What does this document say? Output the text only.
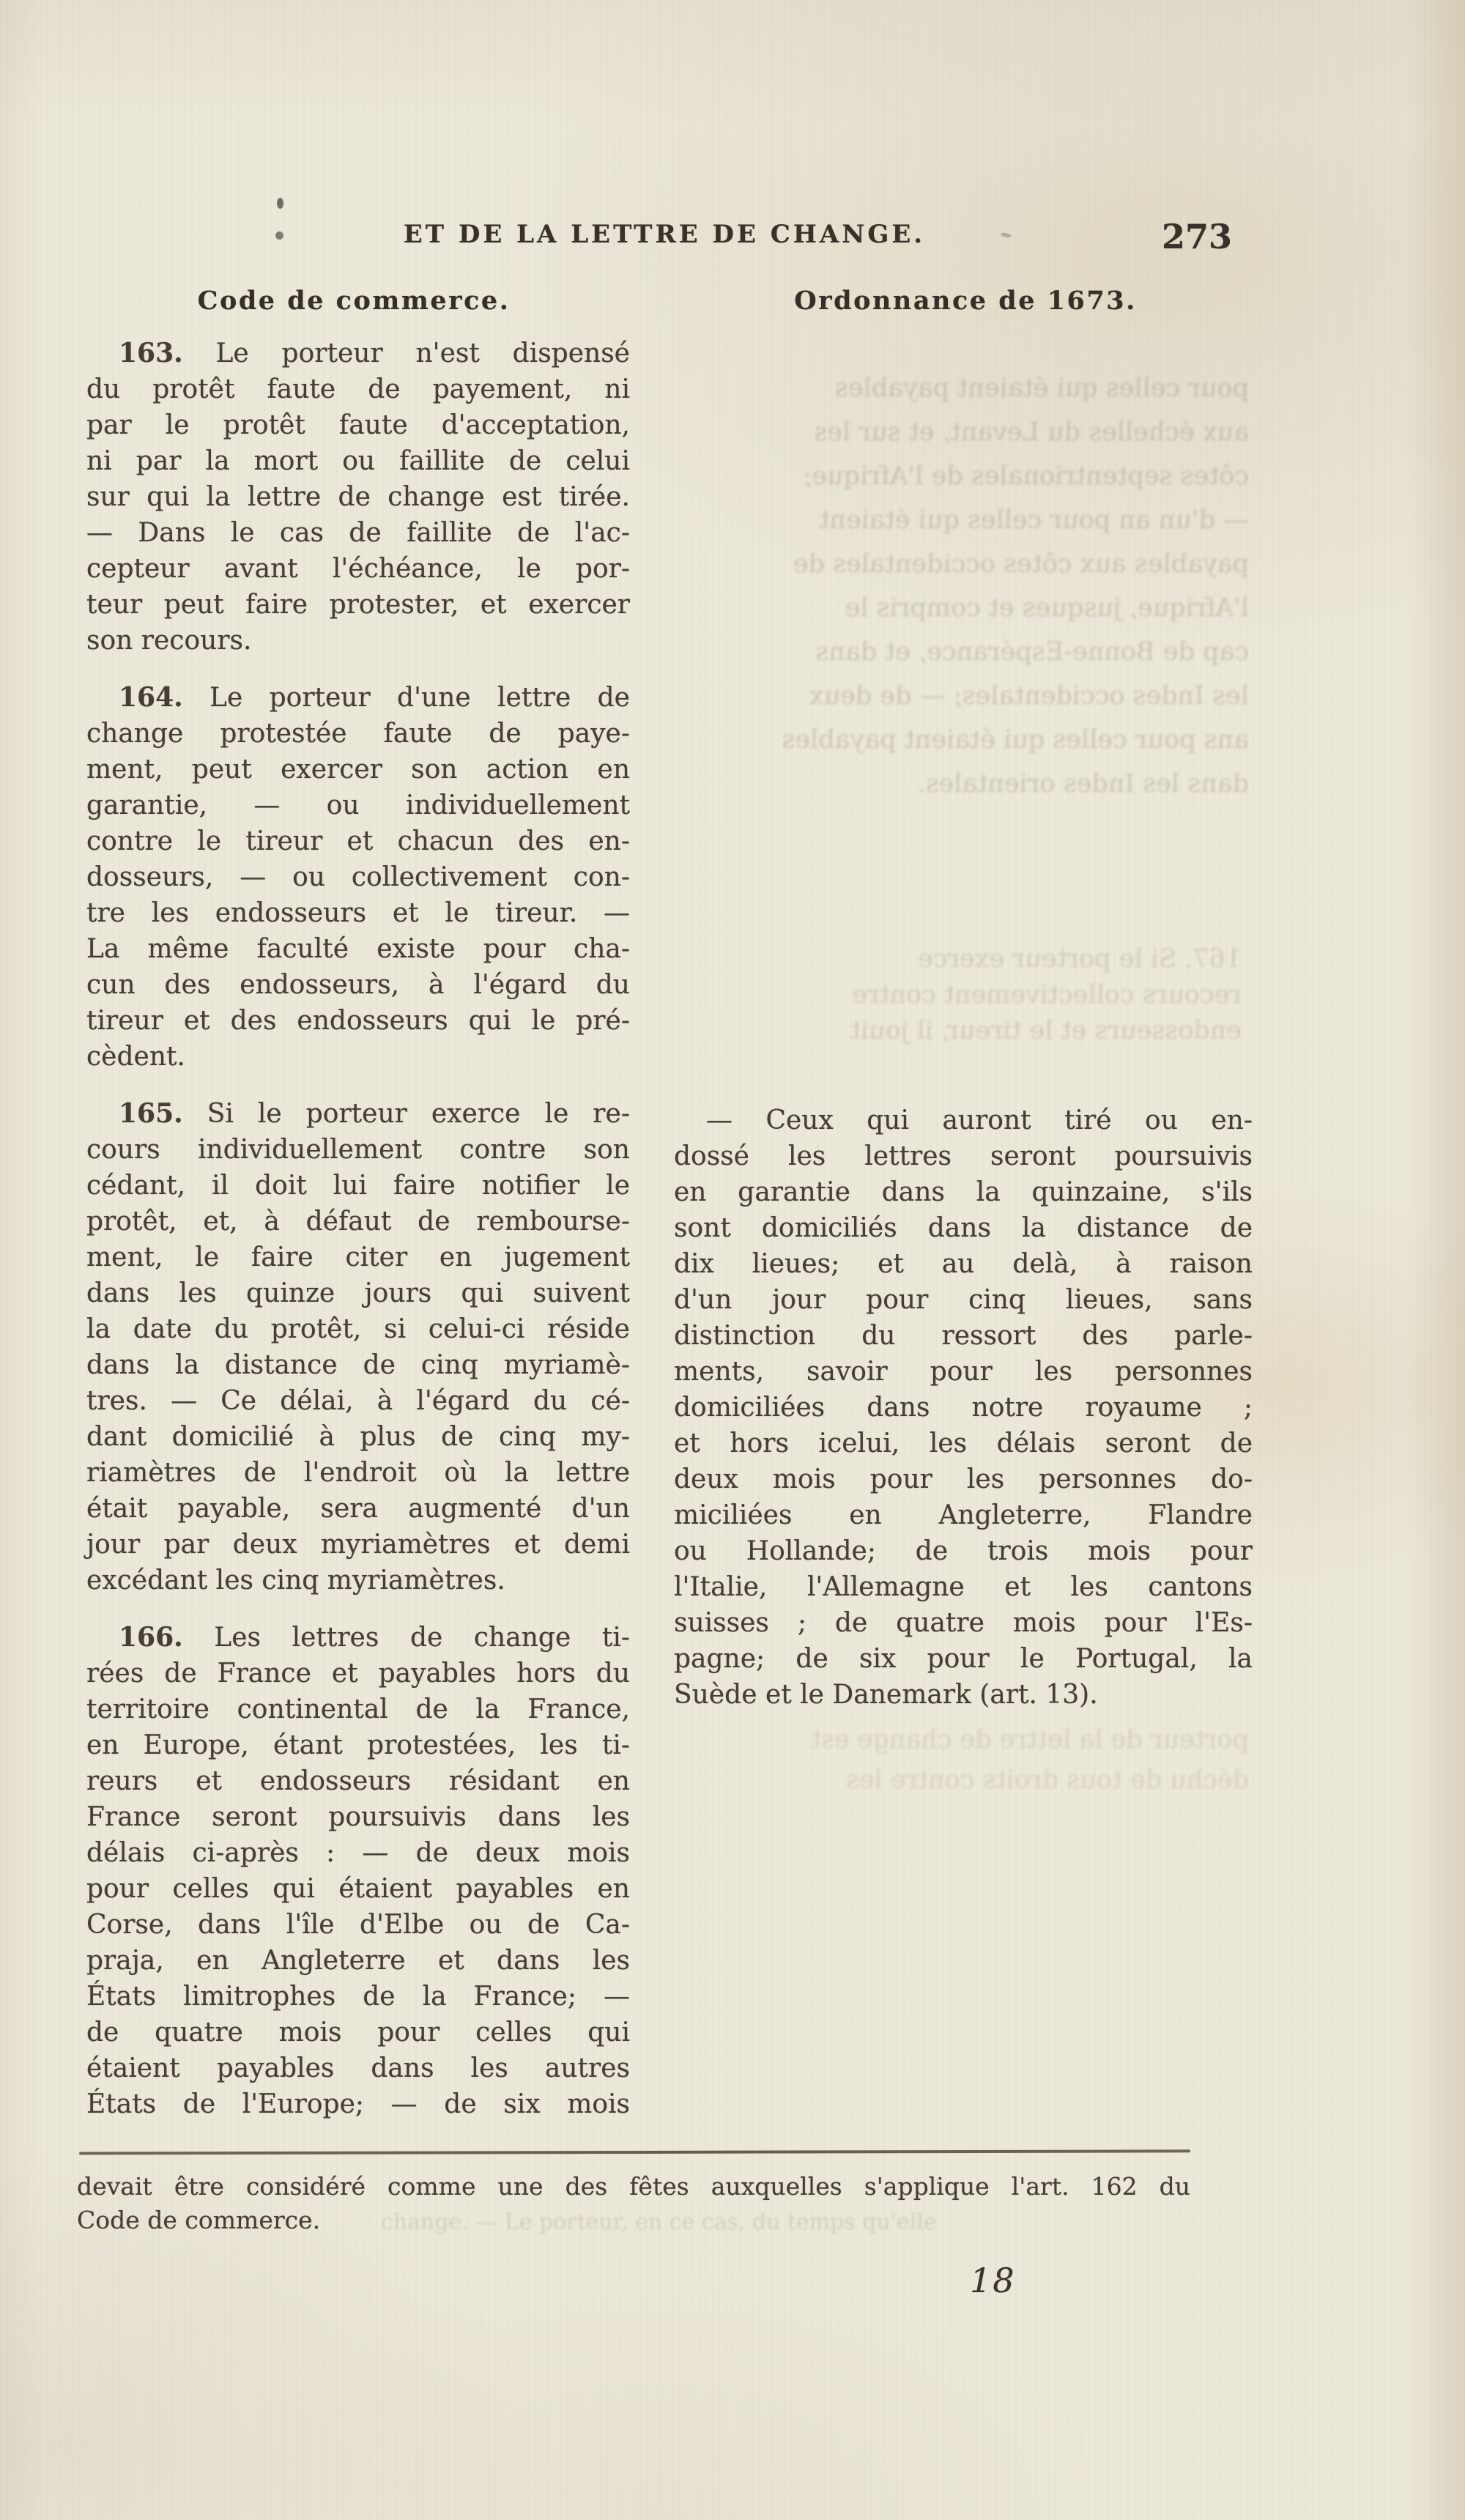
ET DE LA LETTRE DE CHANGE.	273
Code de commerce.	Ordonnance de 1673.
pour celles qui étaient payables
aux échelles du Levant, et sur les
côtes septentrionales de l'Afrique;
— d'un an pour celles qui étaient
payables aux côtes occidentales de
l'Afrique, jusques et compris le
cap de Bonne-Espérance, et dans
les Indes occidentales; — de deux
ans pour celles qui étaient payables
dans les Indes orientales.
167. Si le porteur exerce
recours collectivement contre
endosseurs et le tireur, il jouit
porteur de la lettre de change est
déchu de tous droits contre les
change. — Le porteur, en ce cas, du temps qu'elle
163. Le porteur n'est dispensé
du protêt faute de payement, ni
par le protêt faute d'acceptation,
ni par la mort ou faillite de celui
sur qui la lettre de change est tirée.
— Dans le cas de faillite de l'ac-
cepteur avant l'échéance, le por-
teur peut faire protester, et exercer
son recours.
164. Le porteur d'une lettre de
change protestée faute de paye-
ment, peut exercer son action en
garantie, — ou individuellement
contre le tireur et chacun des en-
dosseurs, — ou collectivement con-
tre les endosseurs et le tireur. —
La même faculté existe pour cha-
cun des endosseurs, à l'égard du
tireur et des endosseurs qui le pré-
cèdent.
165. Si le porteur exerce le re-
cours individuellement contre son
cédant, il doit lui faire notifier le
protêt, et, à défaut de rembourse-
ment, le faire citer en jugement
dans les quinze jours qui suivent
la date du protêt, si celui-ci réside
dans la distance de cinq myriamè-
tres. — Ce délai, à l'égard du cé-
dant domicilié à plus de cinq my-
riamètres de l'endroit où la lettre
était payable, sera augmenté d'un
jour par deux myriamètres et demi
excédant les cinq myriamètres.
166. Les lettres de change ti-
rées de France et payables hors du
territoire continental de la France,
en Europe, étant protestées, les ti-
reurs et endosseurs résidant en
France seront poursuivis dans les
délais ci-après : — de deux mois
pour celles qui étaient payables en
Corse, dans l'île d'Elbe ou de Ca-
praja, en Angleterre et dans les
États limitrophes de la France; —
de quatre mois pour celles qui
étaient payables dans les autres
États de l'Europe; — de six mois
— Ceux qui auront tiré ou en-
dossé les lettres seront poursuivis
en garantie dans la quinzaine, s'ils
sont domiciliés dans la distance de
dix lieues; et au delà, à raison
d'un jour pour cinq lieues, sans
distinction du ressort des parle-
ments, savoir pour les personnes
domiciliées dans notre royaume ;
et hors icelui, les délais seront de
deux mois pour les personnes do-
miciliées en Angleterre, Flandre
ou Hollande; de trois mois pour
l'Italie, l'Allemagne et les cantons
suisses ; de quatre mois pour l'Es-
pagne; de six pour le Portugal, la
Suède et le Danemark (art. 13).
devait être considéré comme une des fêtes auxquelles s'applique l'art. 162 du
Code de commerce.
18
